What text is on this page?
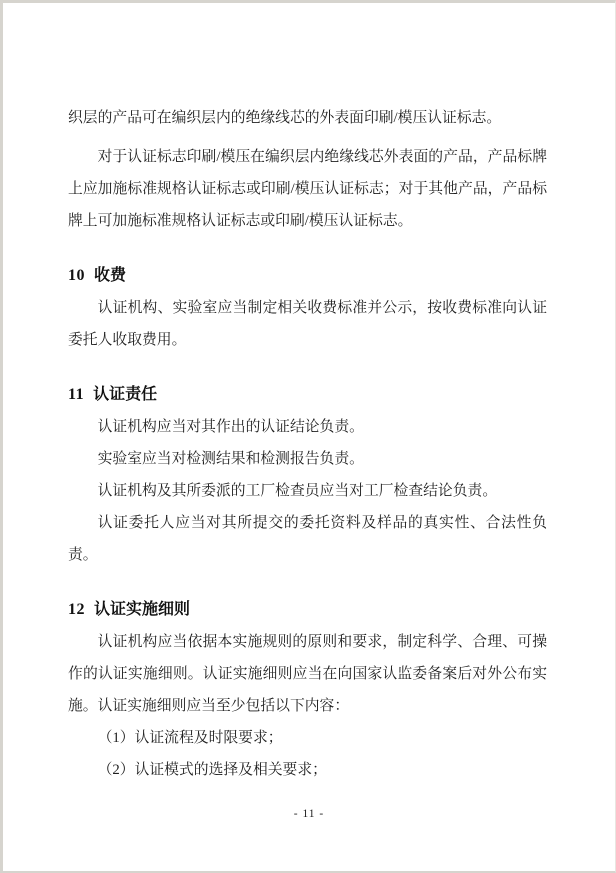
织层的产品可在编织层内的绝缘线芯的外表面印刷/模压认证标志。

对于认证标志印刷/模压在编织层内绝缘线芯外表面的产品，产品标牌上应加施标准规格认证标志或印刷/模压认证标志；对于其他产品，产品标牌上可加施标准规格认证标志或印刷/模压认证标志。

10 收费

认证机构、实验室应当制定相关收费标准并公示，按收费标准向认证委托人收取费用。

11 认证责任

认证机构应当对其作出的认证结论负责。

实验室应当对检测结果和检测报告负责。

认证机构及其所委派的工厂检查员应当对工厂检查结论负责。

认证委托人应当对其所提交的委托资料及样品的真实性、合法性负责。

12 认证实施细则

认证机构应当依据本实施规则的原则和要求，制定科学、合理、可操作的认证实施细则。认证实施细则应当在向国家认监委备案后对外公布实施。认证实施细则应当至少包括以下内容：

（1）认证流程及时限要求；

（2）认证模式的选择及相关要求；

- 11 -
